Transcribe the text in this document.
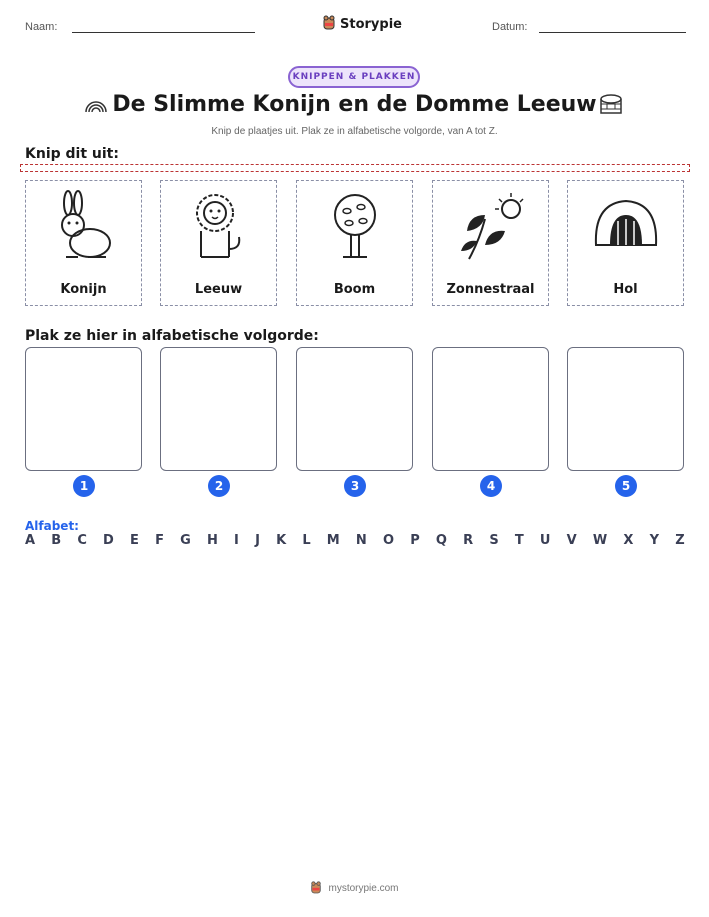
Naam:	Storypie	Datum:
KNIPPEN & PLAKKEN
De Slimme Konijn en de Domme Leeuw
Knip de plaatjes uit. Plak ze in alfabetische volgorde, van A tot Z.
Knip dit uit:
Konijn	Leeuw	Boom	Zonnestraal	Hol
Plak ze hier in alfabetische volgorde:
1	2	3	4	5
Alfabet:
A B C D E F G H I J K L M N O P Q R S T U V W X Y Z
mystorypie.com
